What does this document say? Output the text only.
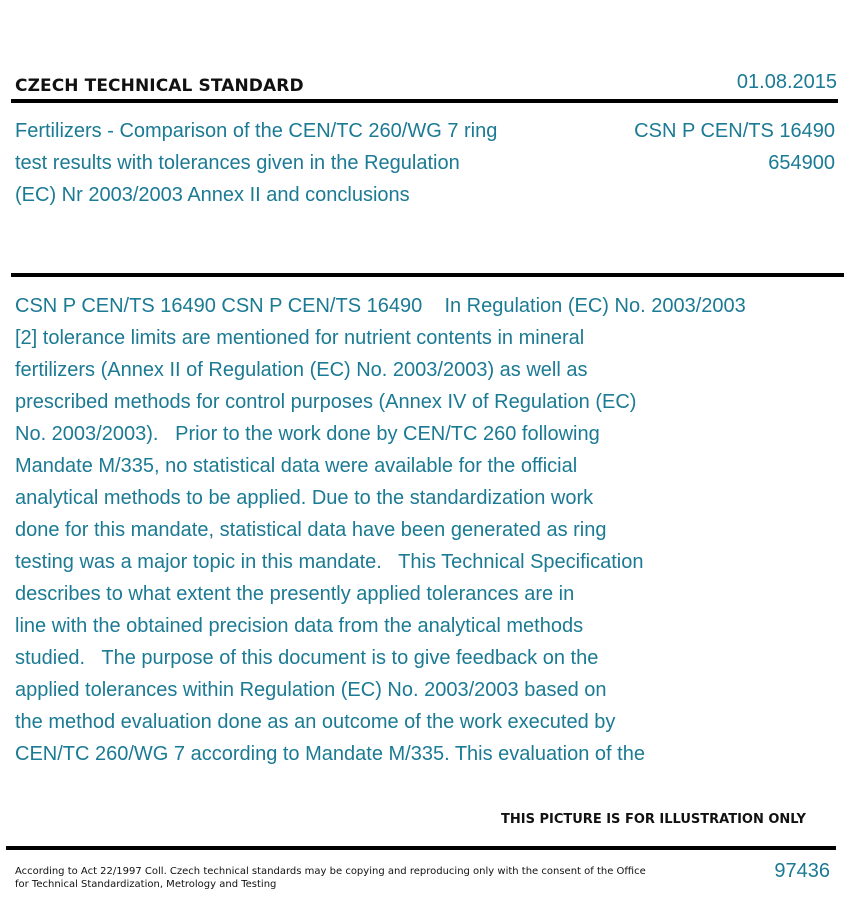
CZECH TECHNICAL STANDARD	01.08.2015
Fertilizers - Comparison of the CEN/TC 260/WG 7 ring
test results with tolerances given in the Regulation
(EC) Nr 2003/2003 Annex II and conclusions
CSN P CEN/TS 16490
654900
CSN P CEN/TS 16490 CSN P CEN/TS 16490    In Regulation (EC) No. 2003/2003
[2] tolerance limits are mentioned for nutrient contents in mineral
fertilizers (Annex II of Regulation (EC) No. 2003/2003) as well as
prescribed methods for control purposes (Annex IV of Regulation (EC)
No. 2003/2003).   Prior to the work done by CEN/TC 260 following
Mandate M/335, no statistical data were available for the official
analytical methods to be applied. Due to the standardization work
done for this mandate, statistical data have been generated as ring
testing was a major topic in this mandate.   This Technical Specification
describes to what extent the presently applied tolerances are in
line with the obtained precision data from the analytical methods
studied.   The purpose of this document is to give feedback on the
applied tolerances within Regulation (EC) No. 2003/2003 based on
the method evaluation done as an outcome of the work executed by
CEN/TC 260/WG 7 according to Mandate M/335. This evaluation of the
THIS PICTURE IS FOR ILLUSTRATION ONLY
According to Act 22/1997 Coll. Czech technical standards may be copying and reproducing only with the consent of the Office
for Technical Standardization, Metrology and Testing
97436
